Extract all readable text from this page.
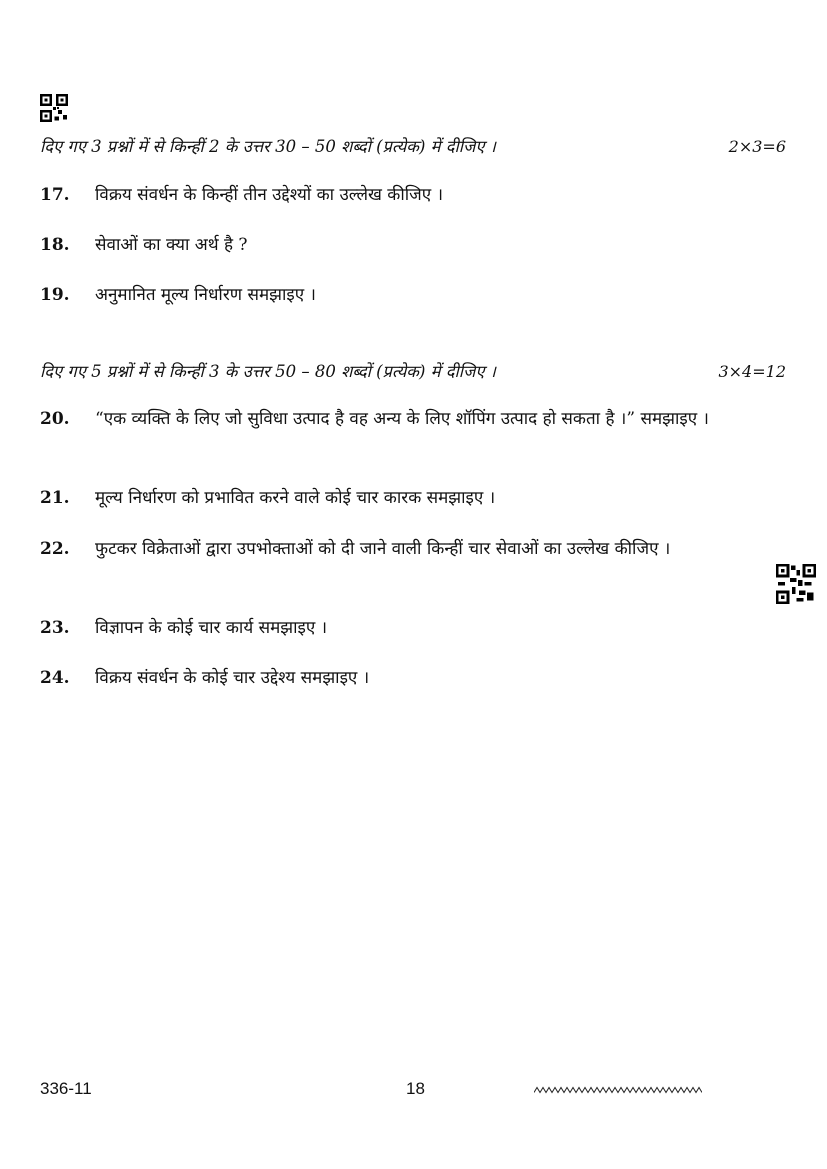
दिए गए 3 प्रश्नों में से किन्हीं 2 के उत्तर 30 – 50 शब्दों (प्रत्येक) में दीजिए ।	2×3=6
17.	विक्रय संवर्धन के किन्हीं तीन उद्देश्यों का उल्लेख कीजिए ।
18.	सेवाओं का क्या अर्थ है ?
19.	अनुमानित मूल्य निर्धारण समझाइए ।
दिए गए 5 प्रश्नों में से किन्हीं 3 के उत्तर 50 – 80 शब्दों (प्रत्येक) में दीजिए ।	3×4=12
20.	“एक व्यक्ति के लिए जो सुविधा उत्पाद है वह अन्य के लिए शॉपिंग उत्पाद हो सकता है ।” समझाइए ।
21.	मूल्य निर्धारण को प्रभावित करने वाले कोई चार कारक समझाइए ।
22.	फुटकर विक्रेताओं द्वारा उपभोक्ताओं को दी जाने वाली किन्हीं चार सेवाओं का उल्लेख कीजिए ।
23.	विज्ञापन के कोई चार कार्य समझाइए ।
24.	विक्रय संवर्धन के कोई चार उद्देश्य समझाइए ।
336-11	18
